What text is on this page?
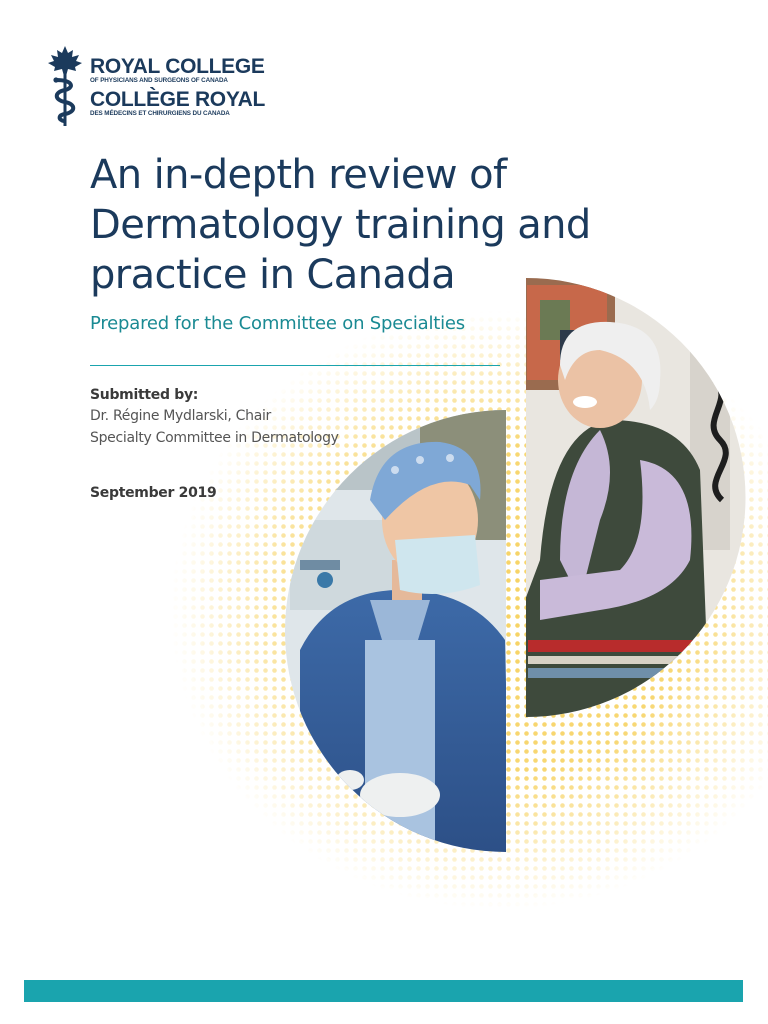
ROYAL COLLEGE
OF PHYSICIANS AND SURGEONS OF CANADA
COLLÈGE ROYAL
DES MÉDECINS ET CHIRURGIENS DU CANADA
An in-depth review of
Dermatology training and
practice in Canada
Prepared for the Committee on Specialties
Submitted by:
Dr. Régine Mydlarski, Chair
Specialty Committee in Dermatology
September 2019
